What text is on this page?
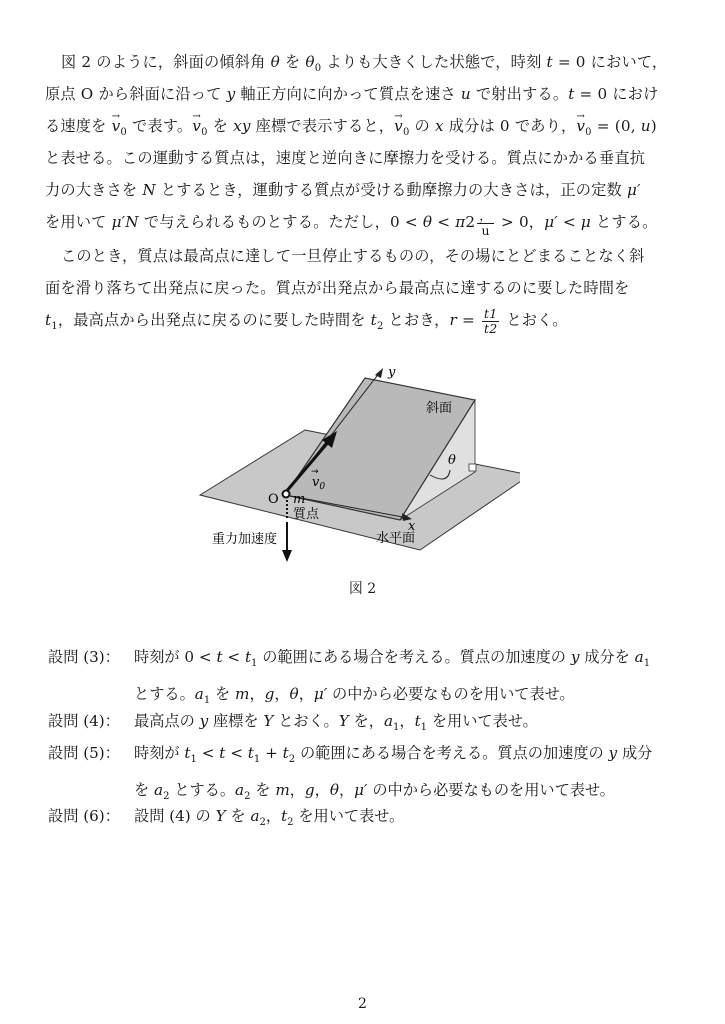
図 2 のように，斜面の傾斜角 θ を $\theta_0$ よりも大きくした状態で，時刻 t = 0 において，
原点 O から斜面に沿って y 軸正方向に向かって質点を速さ u で射出する。t = 0 におけ
る速度を → $v_0$ で表す。→ $v_0$ を xy 座標で表示すると，→ $v_0$ の x 成分は 0 であり，→ $v_0 = (0$, u)
と表せる。この運動する質点は，速度と逆向きに摩擦力を受ける。質点にかかる垂直抗
力の大きさを N とするとき，運動する質点が受ける動摩擦力の大きさは，正の定数 μ′
を用いて μ′N で与えられるものとする。ただし，$0 < \theta < \pi 2 \frac{,}{u} > 0$，μ′ < μ とする。
このとき，質点は最高点に達して一旦停止するものの，その場にとどまることなく斜
面を滑り落ちて出発点に戻った。質点が出発点から最高点に達するのに要した時間を
$t_1$，最高点から出発点に戻るのに要した時間を $t_2$ とおき，$r = \frac{t1}{t2}$ とおく。
y
斜面
θ
$v_0$
→
O m
質点
x
水平面
重力加速度
図 2
設問 (3)： 時刻が $0 < t < t_1$ の範囲にある場合を考える。質点の加速度の y 成分を $a_1$
とする。$a_1$ を m，g，θ，μ′ の中から必要なものを用いて表せ。
設問 (4)： 最高点の y 座標を Y とおく。Y を，$a_1$，$t_1$ を用いて表せ。
設問 (5)： 時刻が $t_1 < t < t_1 + t_2$ の範囲にある場合を考える。質点の加速度の y 成分
を $a_2$ とする。$a_2$ を m，g，θ，μ′ の中から必要なものを用いて表せ。
設問 (6)： 設問 (4) の Y を $a_2$，$t_2$ を用いて表せ。
2
